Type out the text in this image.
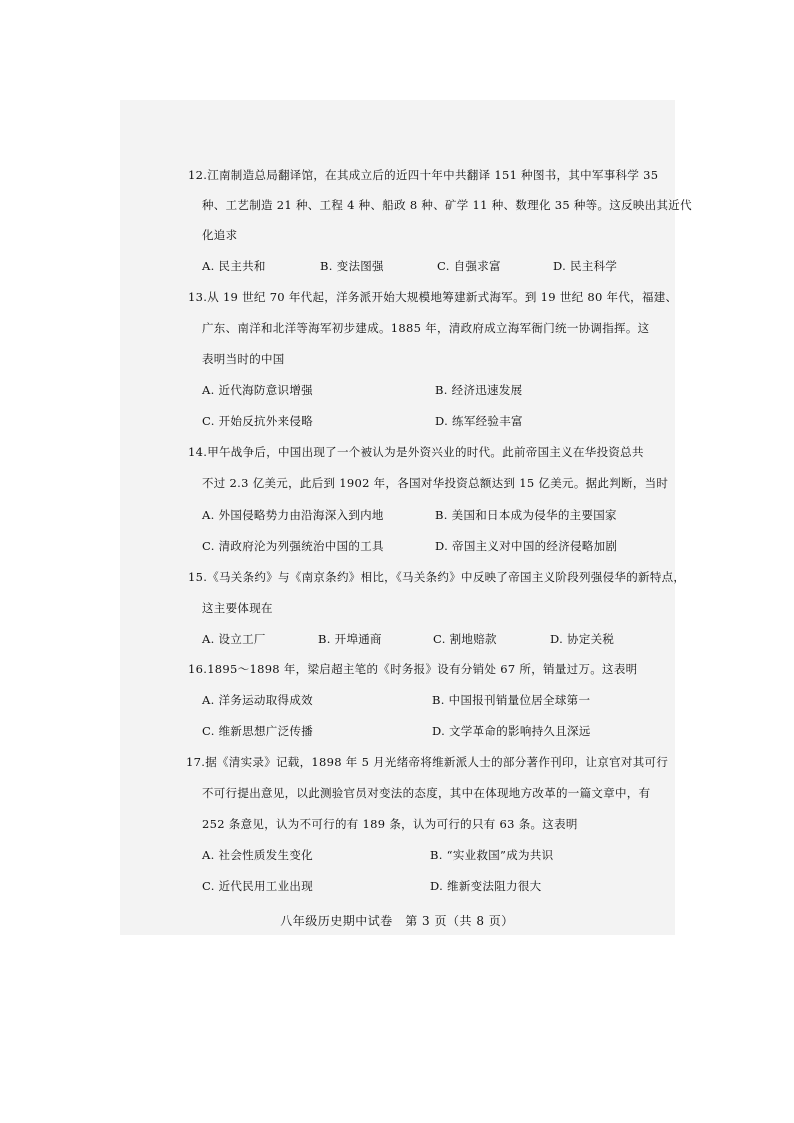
12.江南制造总局翻译馆，在其成立后的近四十年中共翻译 151 种图书，其中军事科学 35
种、工艺制造 21 种、工程 4 种、船政 8 种、矿学 11 种、数理化 35 种等。这反映出其近代
化追求
A. 民主共和	B. 变法图强	C. 自强求富	D. 民主科学
13.从 19 世纪 70 年代起，洋务派开始大规模地筹建新式海军。到 19 世纪 80 年代，福建、
广东、南洋和北洋等海军初步建成。1885 年，清政府成立海军衙门统一协调指挥。这
表明当时的中国
A. 近代海防意识增强	B. 经济迅速发展
C. 开始反抗外来侵略	D. 练军经验丰富
14.甲午战争后，中国出现了一个被认为是外资兴业的时代。此前帝国主义在华投资总共
不过 2.3 亿美元，此后到 1902 年，各国对华投资总额达到 15 亿美元。据此判断，当时
A. 外国侵略势力由沿海深入到内地	B. 美国和日本成为侵华的主要国家
C. 清政府沦为列强统治中国的工具	D. 帝国主义对中国的经济侵略加剧
15.《马关条约》与《南京条约》相比，《马关条约》中反映了帝国主义阶段列强侵华的新特点，
这主要体现在
A. 设立工厂	B. 开埠通商	C. 割地赔款	D. 协定关税
16.1895～1898 年，梁启超主笔的《时务报》设有分销处 67 所，销量过万。这表明
A. 洋务运动取得成效	B. 中国报刊销量位居全球第一
C. 维新思想广泛传播	D. 文学革命的影响持久且深远
17.据《清实录》记载，1898 年 5 月光绪帝将维新派人士的部分著作刊印，让京官对其可行
不可行提出意见，以此测验官员对变法的态度，其中在体现地方改革的一篇文章中，有
252 条意见，认为不可行的有 189 条，认为可行的只有 63 条。这表明
A. 社会性质发生变化	B. “实业救国”成为共识
C. 近代民用工业出现	D. 维新变法阻力很大
八年级历史期中试卷　第 3 页（共 8 页）
